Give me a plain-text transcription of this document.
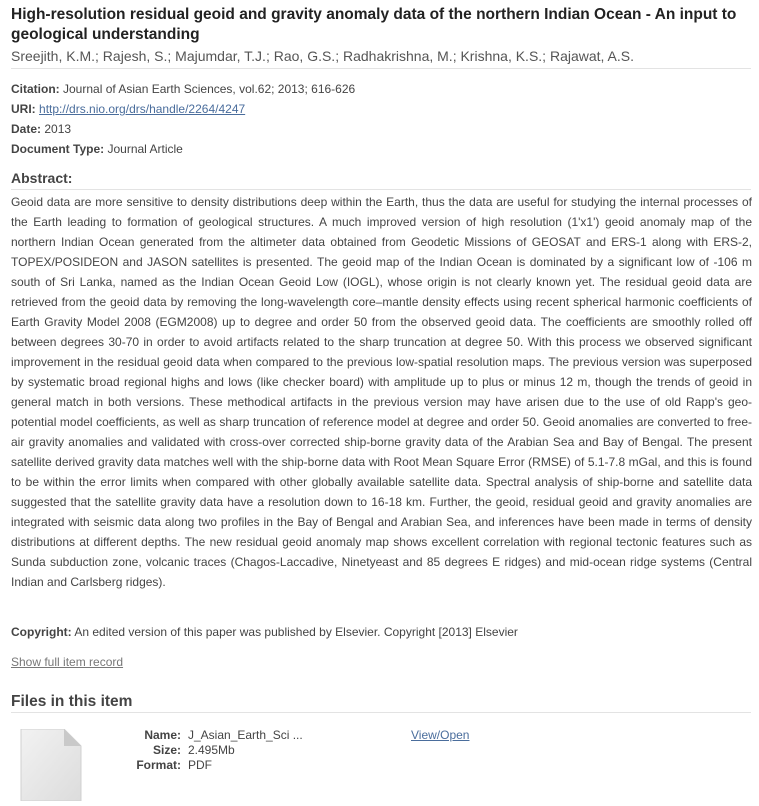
High-resolution residual geoid and gravity anomaly data of the northern Indian Ocean - An input to geological understanding
Sreejith, K.M.; Rajesh, S.; Majumdar, T.J.; Rao, G.S.; Radhakrishna, M.; Krishna, K.S.; Rajawat, A.S.
Citation: Journal of Asian Earth Sciences, vol.62; 2013; 616-626
URI: http://drs.nio.org/drs/handle/2264/4247
Date: 2013
Document Type: Journal Article
Abstract:

Geoid data are more sensitive to density distributions deep within the Earth, thus the data are useful for studying the internal processes of the Earth leading to formation of geological structures. A much improved version of high resolution (1'x1') geoid anomaly map of the northern Indian Ocean generated from the altimeter data obtained from Geodetic Missions of GEOSAT and ERS-1 along with ERS-2, TOPEX/POSIDEON and JASON satellites is presented. The geoid map of the Indian Ocean is dominated by a significant low of -106 m south of Sri Lanka, named as the Indian Ocean Geoid Low (IOGL), whose origin is not clearly known yet. The residual geoid data are retrieved from the geoid data by removing the long-wavelength core–mantle density effects using recent spherical harmonic coefficients of Earth Gravity Model 2008 (EGM2008) up to degree and order 50 from the observed geoid data. The coefficients are smoothly rolled off between degrees 30-70 in order to avoid artifacts related to the sharp truncation at degree 50. With this process we observed significant improvement in the residual geoid data when compared to the previous low-spatial resolution maps. The previous version was superposed by systematic broad regional highs and lows (like checker board) with amplitude up to plus or minus 12 m, though the trends of geoid in general match in both versions. These methodical artifacts in the previous version may have arisen due to the use of old Rapp's geo-potential model coefficients, as well as sharp truncation of reference model at degree and order 50. Geoid anomalies are converted to free-air gravity anomalies and validated with cross-over corrected ship-borne gravity data of the Arabian Sea and Bay of Bengal. The present satellite derived gravity data matches well with the ship-borne data with Root Mean Square Error (RMSE) of 5.1-7.8 mGal, and this is found to be within the error limits when compared with other globally available satellite data. Spectral analysis of ship-borne and satellite data suggested that the satellite gravity data have a resolution down to 16-18 km. Further, the geoid, residual geoid and gravity anomalies are integrated with seismic data along two profiles in the Bay of Bengal and Arabian Sea, and inferences have been made in terms of density distributions at different depths. The new residual geoid anomaly map shows excellent correlation with regional tectonic features such as Sunda subduction zone, volcanic traces (Chagos-Laccadive, Ninetyeast and 85 degrees E ridges) and mid-ocean ridge systems (Central Indian and Carlsberg ridges).

Copyright: An edited version of this paper was published by Elsevier. Copyright [2013] Elsevier
Show full item record
Files in this item
Name:
Size:
Format:
J_Asian_Earth_Sci ...
2.495Mb
PDF
View/Open
